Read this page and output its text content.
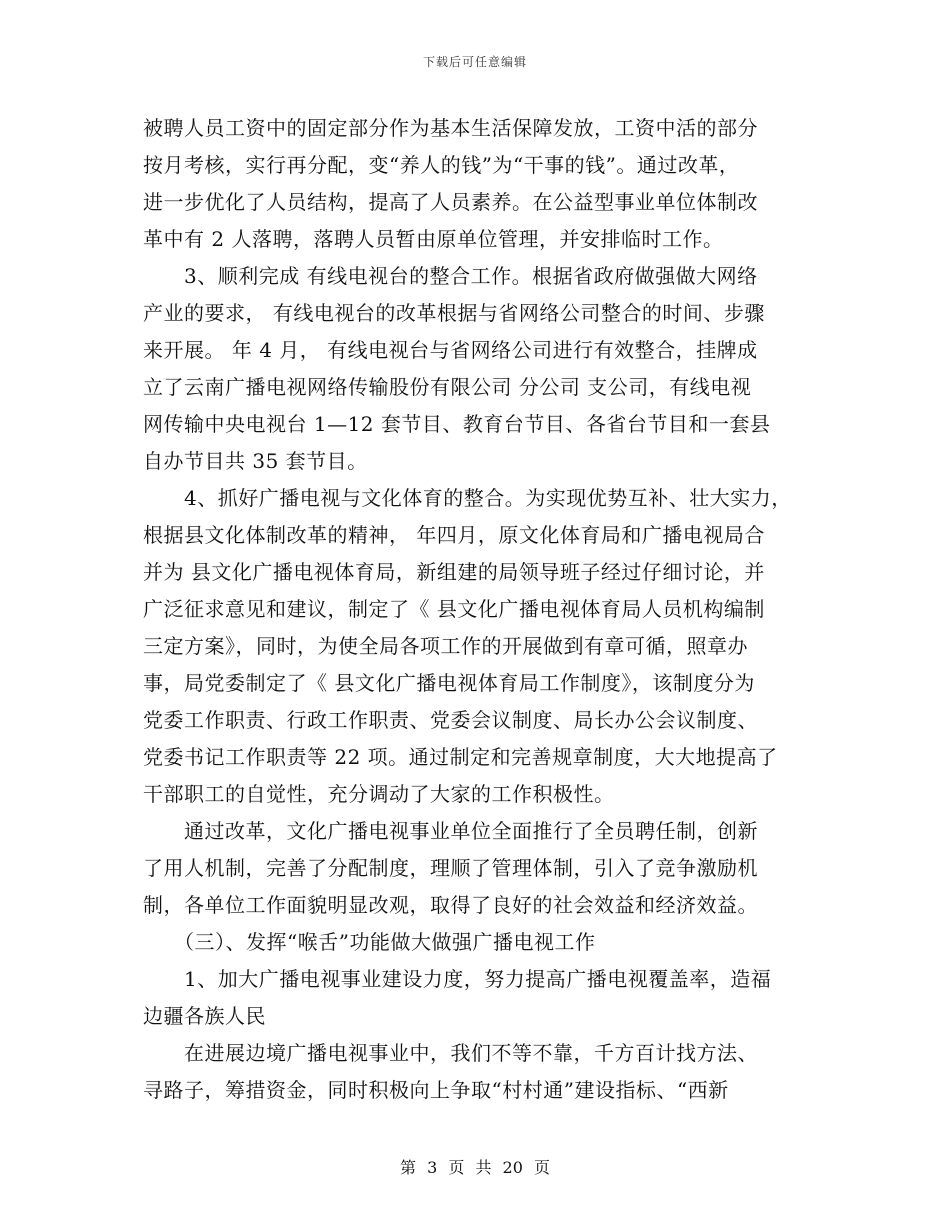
下载后可任意编辑
被聘人员工资中的固定部分作为基本生活保障发放，工资中活的部分
按月考核，实行再分配，变“养人的钱”为“干事的钱”。通过改革，
进一步优化了人员结构，提高了人员素养。在公益型事业单位体制改
革中有 2 人落聘，落聘人员暂由原单位管理，并安排临时工作。
　　3、顺利完成 有线电视台的整合工作。根据省政府做强做大网络
产业的要求， 有线电视台的改革根据与省网络公司整合的时间、步骤
来开展。 年 4 月， 有线电视台与省网络公司进行有效整合，挂牌成
立了云南广播电视网络传输股份有限公司 分公司 支公司，有线电视
网传输中央电视台 1—12 套节目、教育台节目、各省台节目和一套县
自办节目共 35 套节目。
　　4、抓好广播电视与文化体育的整合。为实现优势互补、壮大实力，
根据县文化体制改革的精神， 年四月，原文化体育局和广播电视局合
并为 县文化广播电视体育局，新组建的局领导班子经过仔细讨论，并
广泛征求意见和建议，制定了《 县文化广播电视体育局人员机构编制
三定方案》，同时，为使全局各项工作的开展做到有章可循，照章办
事，局党委制定了《 县文化广播电视体育局工作制度》，该制度分为
党委工作职责、行政工作职责、党委会议制度、局长办公会议制度、
党委书记工作职责等 22 项。通过制定和完善规章制度，大大地提高了
干部职工的自觉性，充分调动了大家的工作积极性。
　　通过改革，文化广播电视事业单位全面推行了全员聘任制，创新
了用人机制，完善了分配制度，理顺了管理体制，引入了竞争激励机
制，各单位工作面貌明显改观，取得了良好的社会效益和经济效益。
　　（三）、发挥“喉舌”功能做大做强广播电视工作
　　1、加大广播电视事业建设力度，努力提高广播电视覆盖率，造福
边疆各族人民
　　在进展边境广播电视事业中，我们不等不靠，千方百计找方法、
寻路子，筹措资金，同时积极向上争取“村村通”建设指标、“西新
第 3 页 共 20 页
